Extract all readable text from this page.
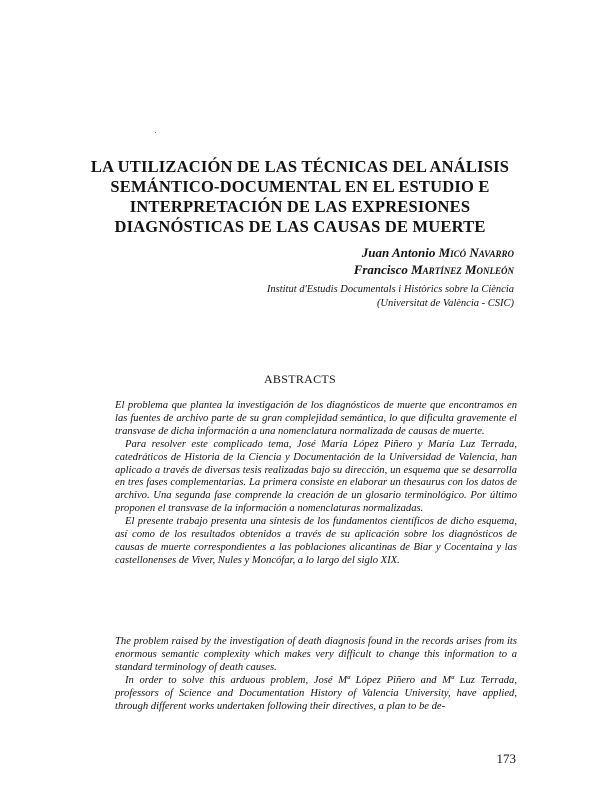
LA UTILIZACIÓN DE LAS TÉCNICAS DEL ANÁLISIS
SEMÁNTICO-DOCUMENTAL EN EL ESTUDIO E
INTERPRETACIÓN DE LAS EXPRESIONES
DIAGNÓSTICAS DE LAS CAUSAS DE MUERTE
Juan Antonio Micó Navarro
Francisco Martínez Monleón
Institut d'Estudis Documentals i Històrics sobre la Ciència
(Universitat de València - CSIC)
ABSTRACTS

El problema que plantea la investigación de los diagnósticos de muerte que encontramos en las fuentes de archivo parte de su gran complejidad semántica, lo que dificulta gravemente el transvase de dicha información a una nomenclatura normalizada de causas de muerte.

Para resolver este complicado tema, José María López Piñero y María Luz Terrada, catedráticos de Historia de la Ciencia y Documentación de la Universidad de Valencia, han aplicado a través de diversas tesis realizadas bajo su dirección, un esquema que se desarrolla en tres fases complementarias. La primera consiste en elaborar un thesaurus con los datos de archivo. Una segunda fase comprende la creación de un glosario terminológico. Por último proponen el transvase de la información a nomenclaturas normalizadas.

El presente trabajo presenta una síntesis de los fundamentos científicos de dicho esquema, así como de los resultados obtenidos a través de su aplicación sobre los diagnósticos de causas de muerte correspondientes a las poblaciones alicantinas de Biar y Cocentaina y las castellonenses de Viver, Nules y Moncófar, a lo largo del siglo XIX.

The problem raised by the investigation of death diagnosis found in the records arises from its enormous semantic complexity which makes very difficult to change this information to a standard terminology of death causes.

In order to solve this arduous problem, José Mª López Piñero and Mª Luz Terrada, professors of Science and Documentation History of Valencia University, have applied, through different works undertaken following their directives, a plan to be de-

173
